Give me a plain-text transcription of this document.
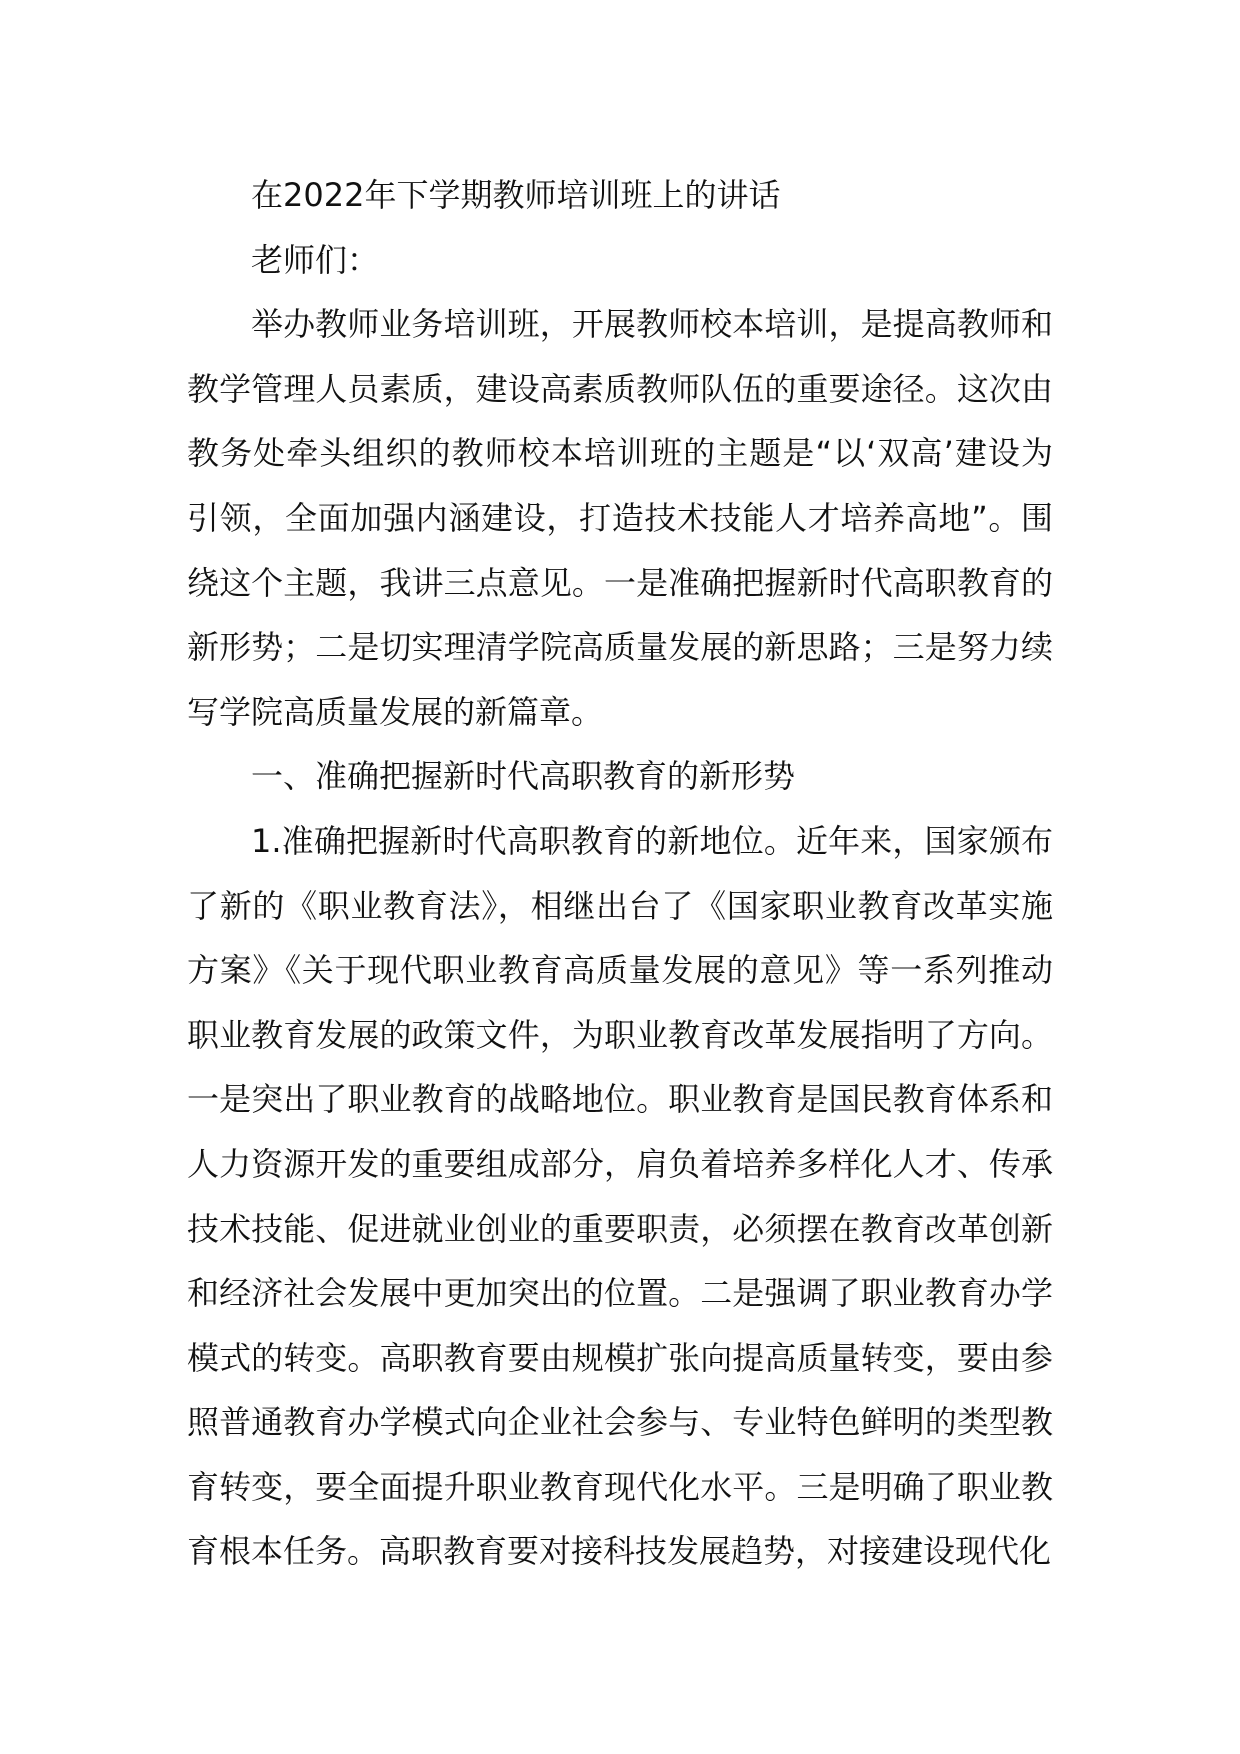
在2022年下学期教师培训班上的讲话

老师们：

举办教师业务培训班，开展教师校本培训，是提高教师和教学管理人员素质，建设高素质教师队伍的重要途径。这次由教务处牵头组织的教师校本培训班的主题是“以‘双高’建设为引领，全面加强内涵建设，打造技术技能人才培养高地”。围绕这个主题，我讲三点意见。一是准确把握新时代高职教育的新形势；二是切实理清学院高质量发展的新思路；三是努力续写学院高质量发展的新篇章。

一、准确把握新时代高职教育的新形势

1.准确把握新时代高职教育的新地位。近年来，国家颁布了新的《职业教育法》，相继出台了《国家职业教育改革实施方案》《关于现代职业教育高质量发展的意见》等一系列推动职业教育发展的政策文件，为职业教育改革发展指明了方向。一是突出了职业教育的战略地位。职业教育是国民教育体系和人力资源开发的重要组成部分，肩负着培养多样化人才、传承技术技能、促进就业创业的重要职责，必须摆在教育改革创新和经济社会发展中更加突出的位置。二是强调了职业教育办学模式的转变。高职教育要由规模扩张向提高质量转变，要由参照普通教育办学模式向企业社会参与、专业特色鲜明的类型教育转变，要全面提升职业教育现代化水平。三是明确了职业教育根本任务。高职教育要对接科技发展趋势，对接建设现代化
